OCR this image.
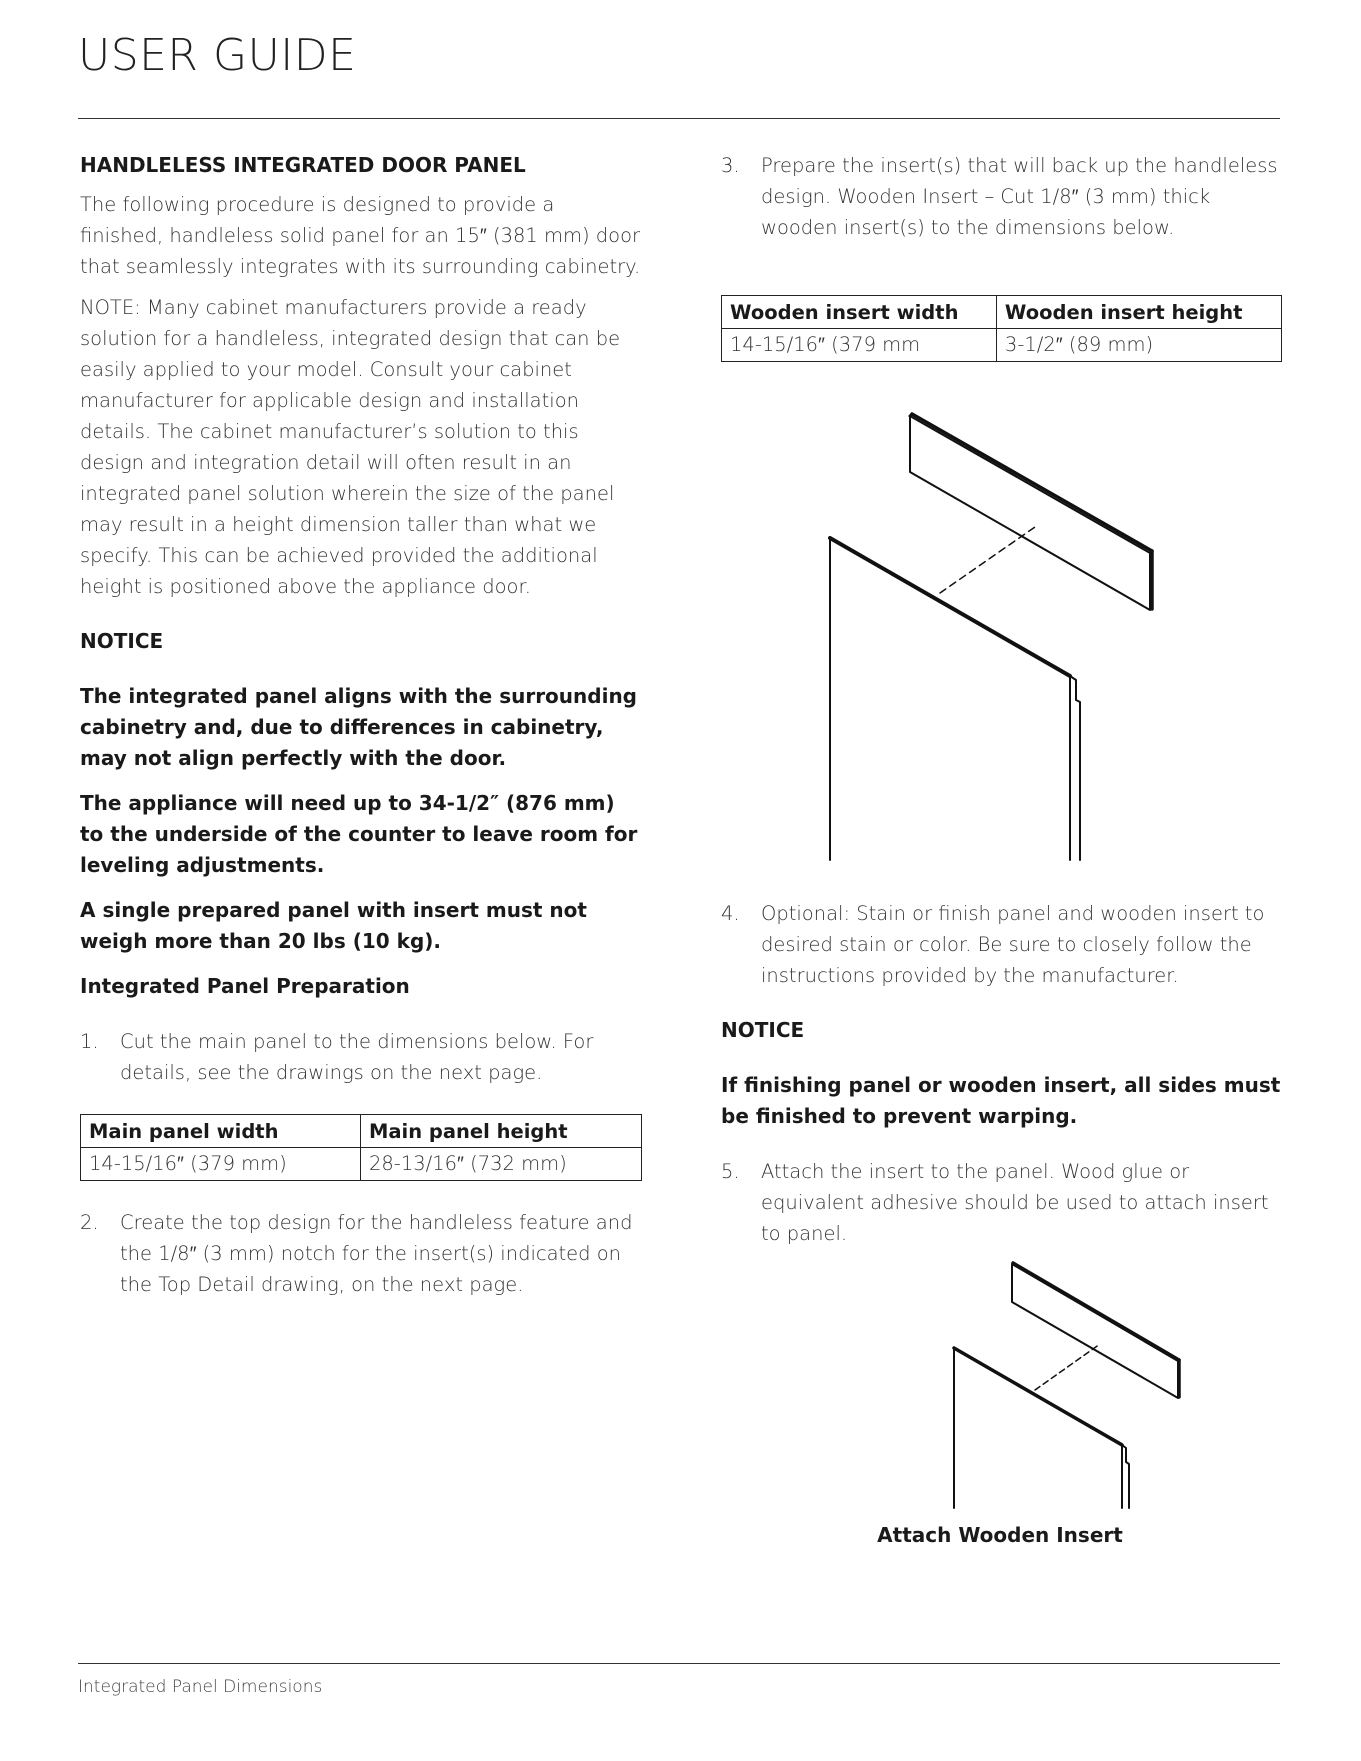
USER GUIDE

HANDLELESS INTEGRATED DOOR PANEL

The following procedure is designed to provide a finished, handleless solid panel for an 15″ (381 mm) door that seamlessly integrates with its surrounding cabinetry.

NOTE: Many cabinet manufacturers provide a ready solution for a handleless, integrated design that can be easily applied to your model. Consult your cabinet manufacturer for applicable design and installation details. The cabinet manufacturer’s solution to this design and integration detail will often result in an integrated panel solution wherein the size of the panel may result in a height dimension taller than what we specify. This can be achieved provided the additional height is positioned above the appliance door.

NOTICE

The integrated panel aligns with the surrounding cabinetry and, due to differences in cabinetry, may not align perfectly with the door.

The appliance will need up to 34-1/2″ (876 mm) to the underside of the counter to leave room for leveling adjustments.

A single prepared panel with insert must not weigh more than 20 lbs (10 kg).

Integrated Panel Preparation

1. Cut the main panel to the dimensions below. For details, see the drawings on the next page.
Main panel width	Main panel height
14-15/16″ (379 mm)	28-13/16″ (732 mm)
2. Create the top design for the handleless feature and the 1/8″ (3 mm) notch for the insert(s) indicated on the Top Detail drawing, on the next page.
3. Prepare the insert(s) that will back up the handleless design. Wooden Insert – Cut 1/8″ (3 mm) thick wooden insert(s) to the dimensions below.
Wooden insert width	Wooden insert height
14-15/16″ (379 mm	3-1/2″ (89 mm)
4. Optional: Stain or finish panel and wooden insert to desired stain or color. Be sure to closely follow the instructions provided by the manufacturer.

NOTICE

If finishing panel or wooden insert, all sides must be finished to prevent warping.

5. Attach the insert to the panel. Wood glue or equivalent adhesive should be used to attach insert to panel.
Attach Wooden Insert
Integrated Panel Dimensions
